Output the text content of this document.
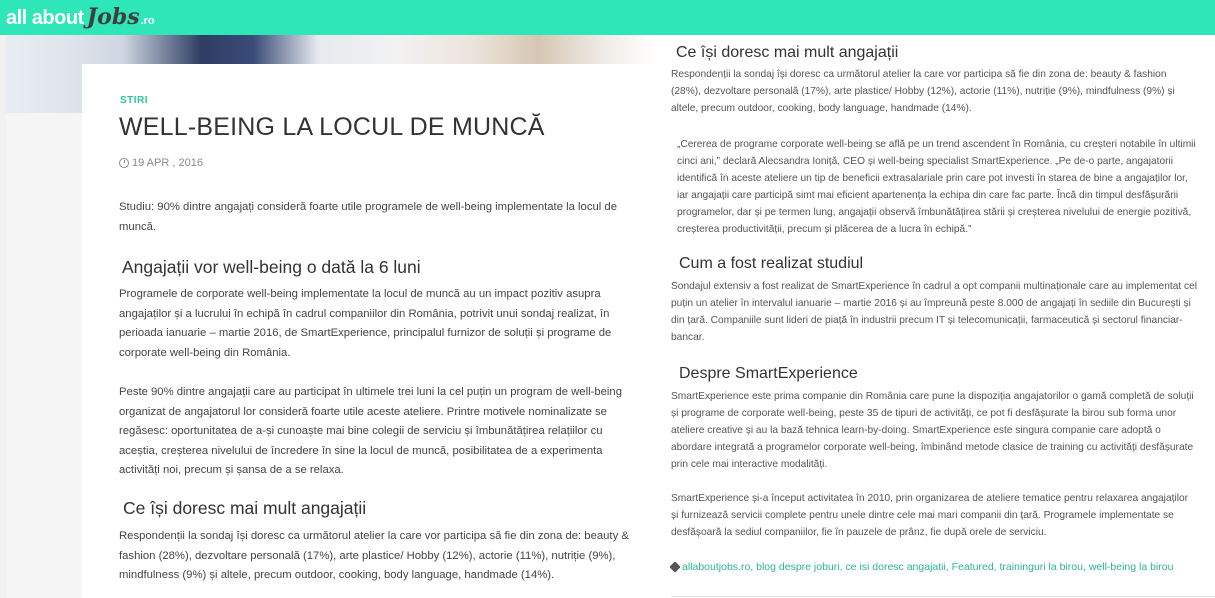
all about Jobs .ro
STIRI
WELL-BEING LA LOCUL DE MUNCĂ
19 APR , 2016

Studiu: 90% dintre angajați consideră foarte utile programele de well-being implementate la locul de muncă.

Angajații vor well-being o dată la 6 luni

Programele de corporate well-being implementate la locul de muncă au un impact pozitiv asupra angajaților și a lucrului în echipă în cadrul companiilor din România, potrivit unui sondaj realizat, în perioada ianuarie – martie 2016, de SmartExperience, principalul furnizor de soluții și programe de corporate well-being din România.

Peste 90% dintre angajații care au participat în ultimele trei luni la cel puțin un program de well-being organizat de angajatorul lor consideră foarte utile aceste ateliere. Printre motivele nominalizate se regăsesc: oportunitatea de a-și cunoaște mai bine colegii de serviciu și îmbunătățirea relațiilor cu aceștia, creșterea nivelului de încredere în sine la locul de muncă, posibilitatea de a experimenta activități noi, precum și șansa de a se relaxa.

Ce își doresc mai mult angajații

Respondenții la sondaj își doresc ca următorul atelier la care vor participa să fie din zona de: beauty & fashion (28%), dezvoltare personală (17%), arte plastice/ Hobby (12%), actorie (11%), nutriție (9%), mindfulness (9%) și altele, precum outdoor, cooking, body language, handmade (14%).

Ce își doresc mai mult angajații

Respondenții la sondaj își doresc ca următorul atelier la care vor participa să fie din zona de: beauty & fashion (28%), dezvoltare personală (17%), arte plastice/ Hobby (12%), actorie (11%), nutriție (9%), mindfulness (9%) și altele, precum outdoor, cooking, body language, handmade (14%).

„Cererea de programe corporate well-being se află pe un trend ascendent în România, cu creșteri notabile în ultimii cinci ani,” declară Alecsandra Ioniță, CEO și well-being specialist SmartExperience. „Pe de-o parte, angajatorii identifică în aceste ateliere un tip de beneficii extrasalariale prin care pot investi în starea de bine a angajaților lor, iar angajații care participă simt mai eficient apartenența la echipa din care fac parte. Încă din timpul desfășurării programelor, dar și pe termen lung, angajații observă îmbunătățirea stării și creșterea nivelului de energie pozitivă, creșterea productivității, precum și plăcerea de a lucra în echipă.”

Cum a fost realizat studiul

Sondajul extensiv a fost realizat de SmartExperience în cadrul a opt companii multinaționale care au implementat cel puțin un atelier în intervalul ianuarie – martie 2016 și au împreună peste 8.000 de angajați în sediile din București și din țară. Companiile sunt lideri de piață în industrii precum IT și telecomunicații, farmaceutică și sectorul financiar-bancar.

Despre SmartExperience

SmartExperience este prima companie din România care pune la dispoziția angajatorilor o gamă completă de soluții și programe de corporate well-being, peste 35 de tipuri de activități, ce pot fi desfășurate la birou sub forma unor ateliere creative și au la bază tehnica learn-by-doing. SmartExperience este singura companie care adoptă o abordare integrată a programelor corporate well-being, îmbinând metode clasice de training cu activități desfășurate prin cele mai interactive modalități.

SmartExperience și-a început activitatea în 2010, prin organizarea de ateliere tematice pentru relaxarea angajaților și furnizează servicii complete pentru unele dintre cele mai mari companii din țară. Programele implementate se desfășoară la sediul companiilor, fie în pauzele de prânz, fie după orele de serviciu.

allaboutjobs.ro, blog despre joburi, ce isi doresc angajatii, Featured, traininguri la birou, well-being la birou
